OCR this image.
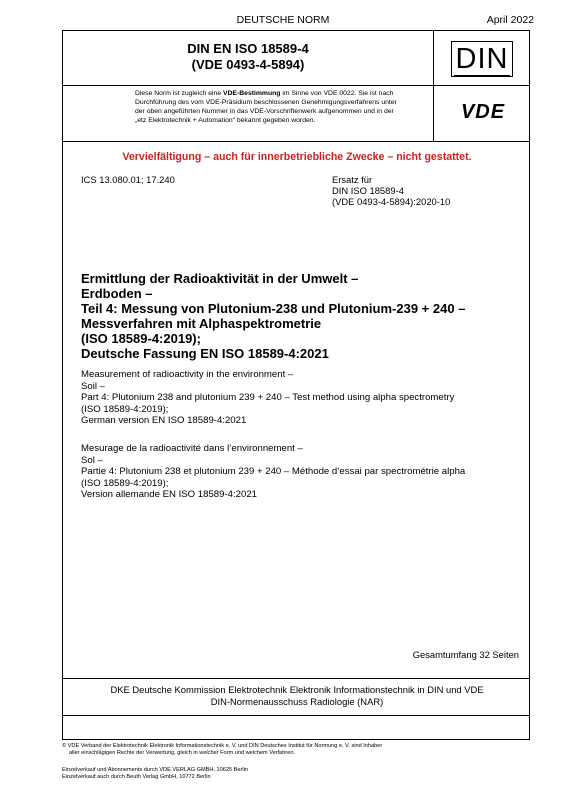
DEUTSCHE NORM	April 2022
DIN EN ISO 18589-4
(VDE 0493-4-5894)	DIN
Diese Norm ist zugleich eine VDE-Bestimmung im Sinne von VDE 0022. Sie ist nach
Durchführung des vom VDE-Präsidium beschlossenen Genehmigungsverfahrens unter
der oben angeführten Nummer in das VDE-Vorschriftenwerk aufgenommen und in der
„etz Elektrotechnik + Automation“ bekannt gegeben worden.	VDE
Vervielfältigung – auch für innerbetriebliche Zwecke – nicht gestattet.
ICS 13.080.01; 17.240	Ersatz für
DIN ISO 18589-4
(VDE 0493-4-5894):2020-10
Ermittlung der Radioaktivität in der Umwelt –
Erdboden –
Teil 4: Messung von Plutonium-238 und Plutonium-239 + 240 –
Messverfahren mit Alphaspektrometrie
(ISO 18589-4:2019);
Deutsche Fassung EN ISO 18589-4:2021
Measurement of radioactivity in the environment –
Soil –
Part 4: Plutonium 238 and plutonium 239 + 240 – Test method using alpha spectrometry
(ISO 18589-4:2019);
German version EN ISO 18589-4:2021
Mesurage de la radioactivité dans l’environnement –
Sol –
Partie 4: Plutonium 238 et plutonium 239 + 240 – Méthode d’essai par spectrométrie alpha
(ISO 18589-4:2019);
Version allemande EN ISO 18589-4:2021
Gesamtumfang 32 Seiten
DKE Deutsche Kommission Elektrotechnik Elektronik Informationstechnik in DIN und VDE
DIN-Normenausschuss Radiologie (NAR)
© VDE Verband der Elektrotechnik Elektronik Informationstechnik e. V. und DIN Deutsches Institut für Normung e. V. sind Inhaber
aller einschlägigen Rechte der Verwertung, gleich in welcher Form und welchem Verfahren.
Einzelverkauf und Abonnements durch VDE VERLAG GMBH, 10625 Berlin
Einzelverkauf auch durch Beuth Verlag GmbH, 10772 Berlin
